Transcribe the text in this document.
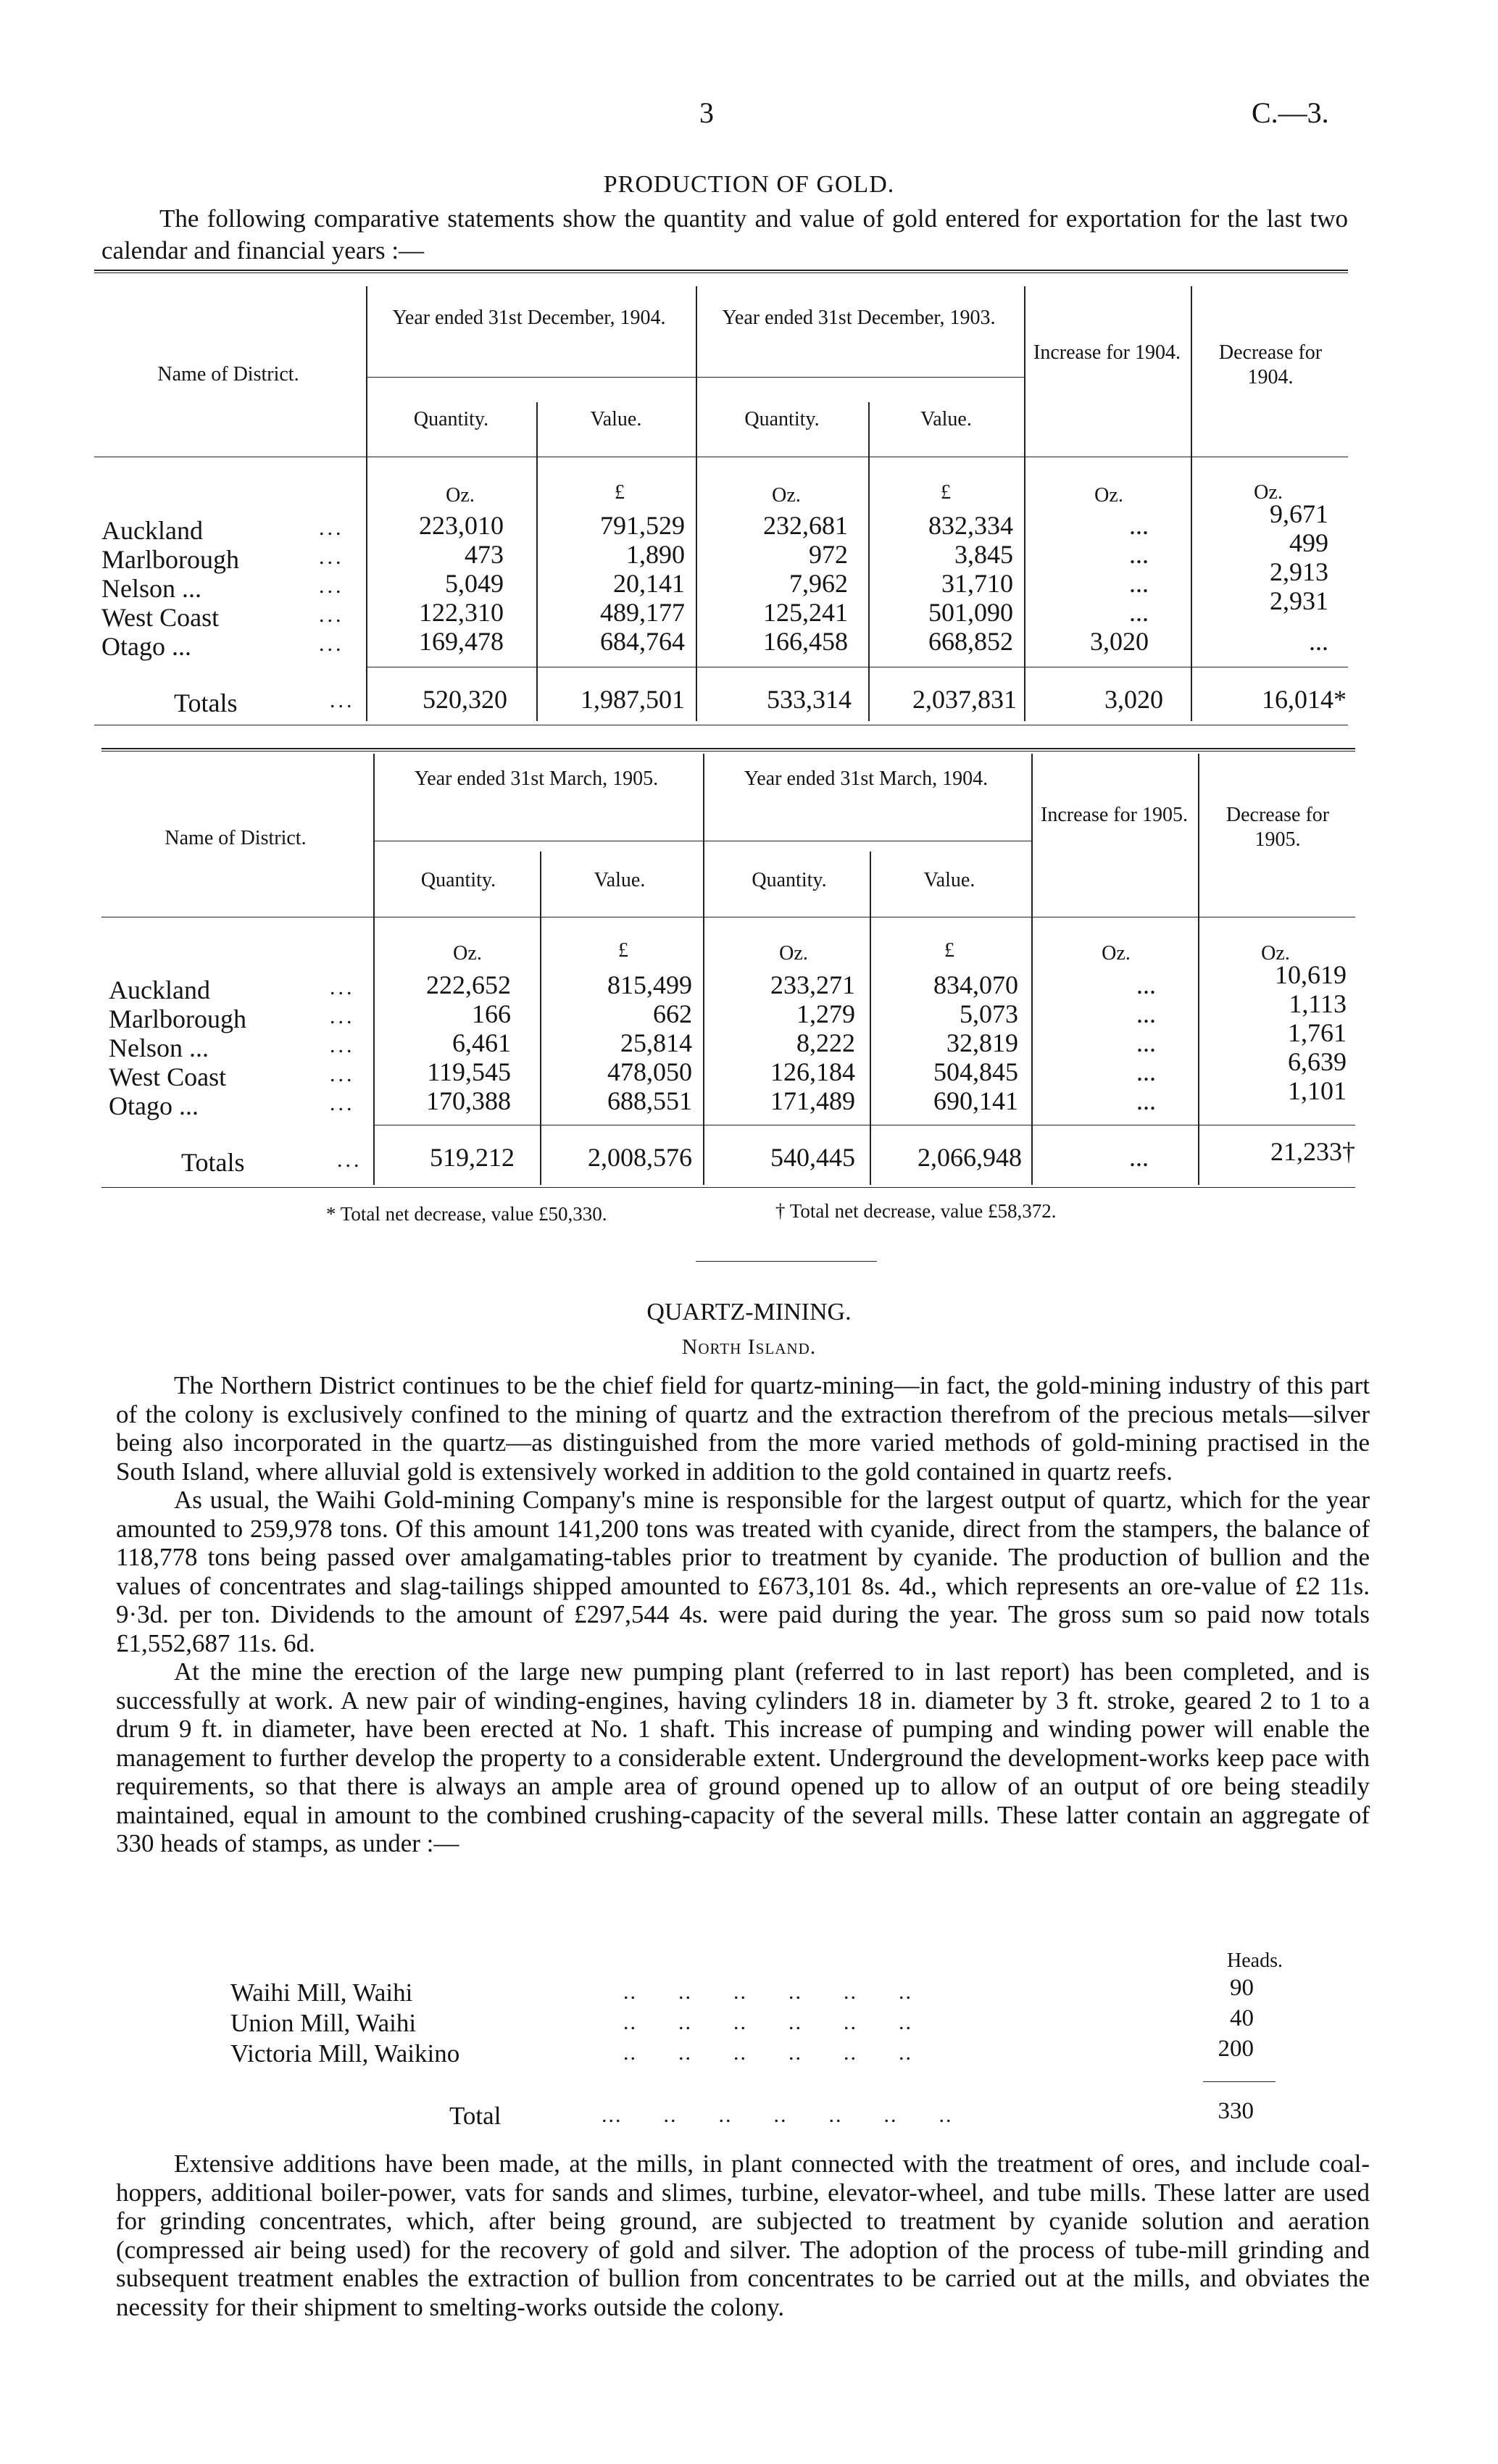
3	C.—3.
PRODUCTION OF GOLD.
The following comparative statements show the quantity and value of gold entered for exportation for the last two calendar and financial years :—
Name of District.
Year ended 31st December, 1904.	Year ended 31st December, 1903.
Increase for 1904.	Decrease for 1904.
Quantity.	Value.	Quantity.	Value.
Oz.	£	Oz.	£	Oz.	Oz.
Auckland	...	223,010	791,529	232,681	832,334	...	9,671
Marlborough	...	473	1,890	972	3,845	...	499
Nelson ...	...	5,049	20,141	7,962	31,710	...	2,913
West Coast	...	122,310	489,177	125,241	501,090	...	2,931
Otago ...	...	169,478	684,764	166,458	668,852	3,020	...
Totals	...	520,320	1,987,501	533,314	2,037,831	3,020	16,014*
Name of District.
Year ended 31st March, 1905.	Year ended 31st March, 1904.
Increase for 1905.	Decrease for 1905.
Quantity.	Value.	Quantity.	Value.
Oz.	£	Oz.	£	Oz.	Oz.
Auckland	...	222,652	815,499	233,271	834,070	...	10,619
Marlborough	...	166	662	1,279	5,073	...	1,113
Nelson ...	...	6,461	25,814	8,222	32,819	...	1,761
West Coast	...	119,545	478,050	126,184	504,845	...	6,639
Otago ...	...	170,388	688,551	171,489	690,141	...	1,101
Totals	...	519,212	2,008,576	540,445	2,066,948	...	21,233†
* Total net decrease, value £50,330.	† Total net decrease, value £58,372.
QUARTZ-MINING.
North Island.

The Northern District continues to be the chief field for quartz-mining—in fact, the gold-mining industry of this part of the colony is exclusively confined to the mining of quartz and the extraction therefrom of the precious metals—silver being also incorporated in the quartz—as distinguished from the more varied methods of gold-mining practised in the South Island, where alluvial gold is extensively worked in addition to the gold contained in quartz reefs.

As usual, the Waihi Gold-mining Company's mine is responsible for the largest output of quartz, which for the year amounted to 259,978 tons. Of this amount 141,200 tons was treated with cyanide, direct from the stampers, the balance of 118,778 tons being passed over amalgamating-tables prior to treatment by cyanide. The production of bullion and the values of concentrates and slag-tailings shipped amounted to £673,101 8s. 4d., which represents an ore-value of £2 11s. 9·3d. per ton. Dividends to the amount of £297,544 4s. were paid during the year. The gross sum so paid now totals £1,552,687 11s. 6d.

At the mine the erection of the large new pumping plant (referred to in last report) has been completed, and is successfully at work. A new pair of winding-engines, having cylinders 18 in. diameter by 3 ft. stroke, geared 2 to 1 to a drum 9 ft. in diameter, have been erected at No. 1 shaft. This increase of pumping and winding power will enable the management to further develop the property to a considerable extent. Underground the development-works keep pace with requirements, so that there is always an ample area of ground opened up to allow of an output of ore being steadily maintained, equal in amount to the combined crushing-capacity of the several mills. These latter contain an aggregate of 330 heads of stamps, as under :—

Heads.
Waihi Mill, Waihi	..      ..      ..      ..      ..      ..	90
Union Mill, Waihi	..      ..      ..      ..      ..      ..	40
Victoria Mill, Waikino	..      ..      ..      ..      ..      ..	200
Total	...      ..      ..      ..      ..      ..      ..	330

Extensive additions have been made, at the mills, in plant connected with the treatment of ores, and include coal-hoppers, additional boiler-power, vats for sands and slimes, turbine, elevator-wheel, and tube mills. These latter are used for grinding concentrates, which, after being ground, are subjected to treatment by cyanide solution and aeration (compressed air being used) for the recovery of gold and silver. The adoption of the process of tube-mill grinding and subsequent treatment enables the extraction of bullion from concentrates to be carried out at the mills, and obviates the necessity for their shipment to smelting-works outside the colony.
